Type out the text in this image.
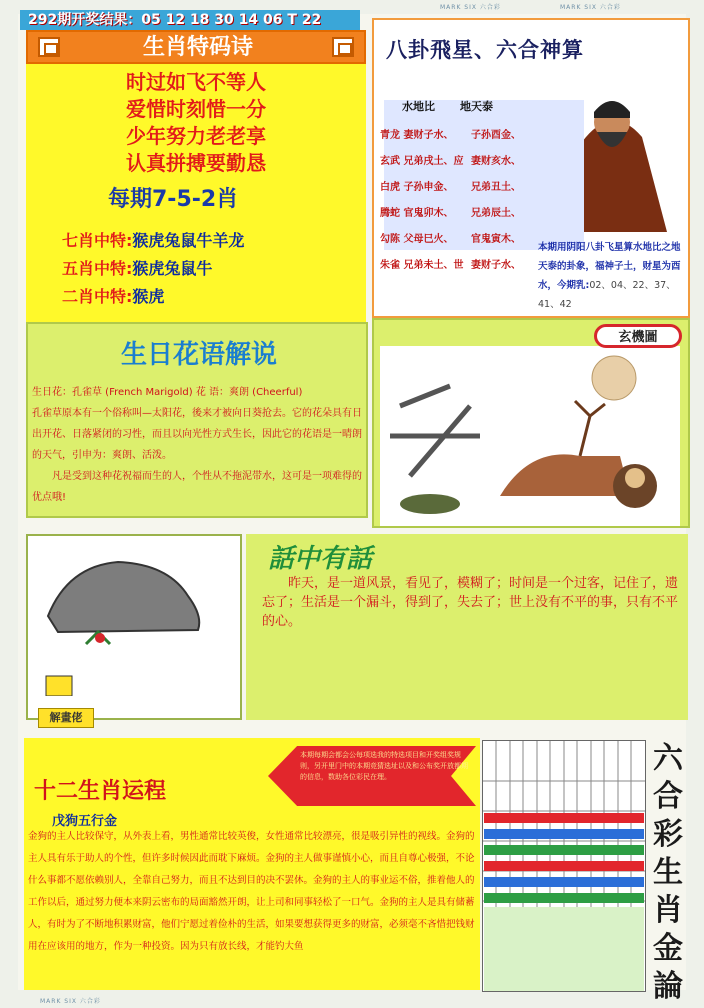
MARK SIX 六合彩	MARK SIX 六合彩
MARK SIX 六合彩
292期开奖结果：05 12 18 30 14 06 T 22
生肖特码诗
时过如飞不等人
爱惜时刻惜一分
少年努力老老享
认真拼搏要勤恳
每期7-5-2肖
七肖中特:猴虎兔鼠牛羊龙
五肖中特:猴虎兔鼠牛
二肖中特:猴虎
八卦飛星、六合神算
水地比 地天泰
青龙 妻财子水、 子孙酉金、
玄武 兄弟戌土、应 妻财亥水、
白虎 子孙申金、 兄弟丑土、
腾蛇 官鬼卯木、 兄弟辰土、
勾陈 父母巳火、 官鬼寅木、
朱雀 兄弟未土、世 妻财子水、
本期用阴阳八卦飞星算水地比之地天泰的卦象，福神子土，财星为酉水，今期乳:02、04、22、37、41、42
生日花语解说
生日花：孔雀草 (French Marigold) 花 语：爽朗 (Cheerful)
孔雀草原本有一个俗称叫—太阳花，後来才被向日葵抢去。它的花朵具有日出开花、日落紧闭的习性，而且以向光性方式生长，因此它的花语是一晴朗的天气，引申为：爽朗、活泼。
凡是受到这种花祝福而生的人，个性从不拖泥带水，这可是一项难得的优点哦!
玄機圖
解畫佬
話中有話
昨天，是一道风景，看见了，模糊了；时间是一个过客，记住了，遗忘了；生活是一个漏斗，得到了，失去了；世上没有不平的事，只有不平的心。
本期每期会都会公每项选我的特选项目和开奖组奖规则，另开里门中的本期竞猜选址以及和公布奖开放都期的信息，数助各位彩民在理。
十二生肖运程
戊狗五行金
金狗的主人比较保守，从外表上看，男性通常比较英俊，女性通常比较漂亮，很是吸引异性的视线。金狗的主人具有乐于助人的个性，但许多时候因此而耽下麻烦。金狗的主人做事谨慎小心，而且自尊心极强，不论什么事都不愿依赖别人，全靠自己努力，而且不达到目的决不罢休。金狗的主人的事业运不俗，推着他人的工作以后，通过努力便本来阴云密布的局面豁然开朗，让上司和同事轻松了一口气。金狗的主人是具有储蓄人，有时为了不断地积累财富，他们宁愿过着俭朴的生活，如果要想获得更多的财富，必须毫不吝惜把钱财用在应该用的地方，作为一种投资。因为只有放长线，才能钓大鱼
六合彩生肖金論
